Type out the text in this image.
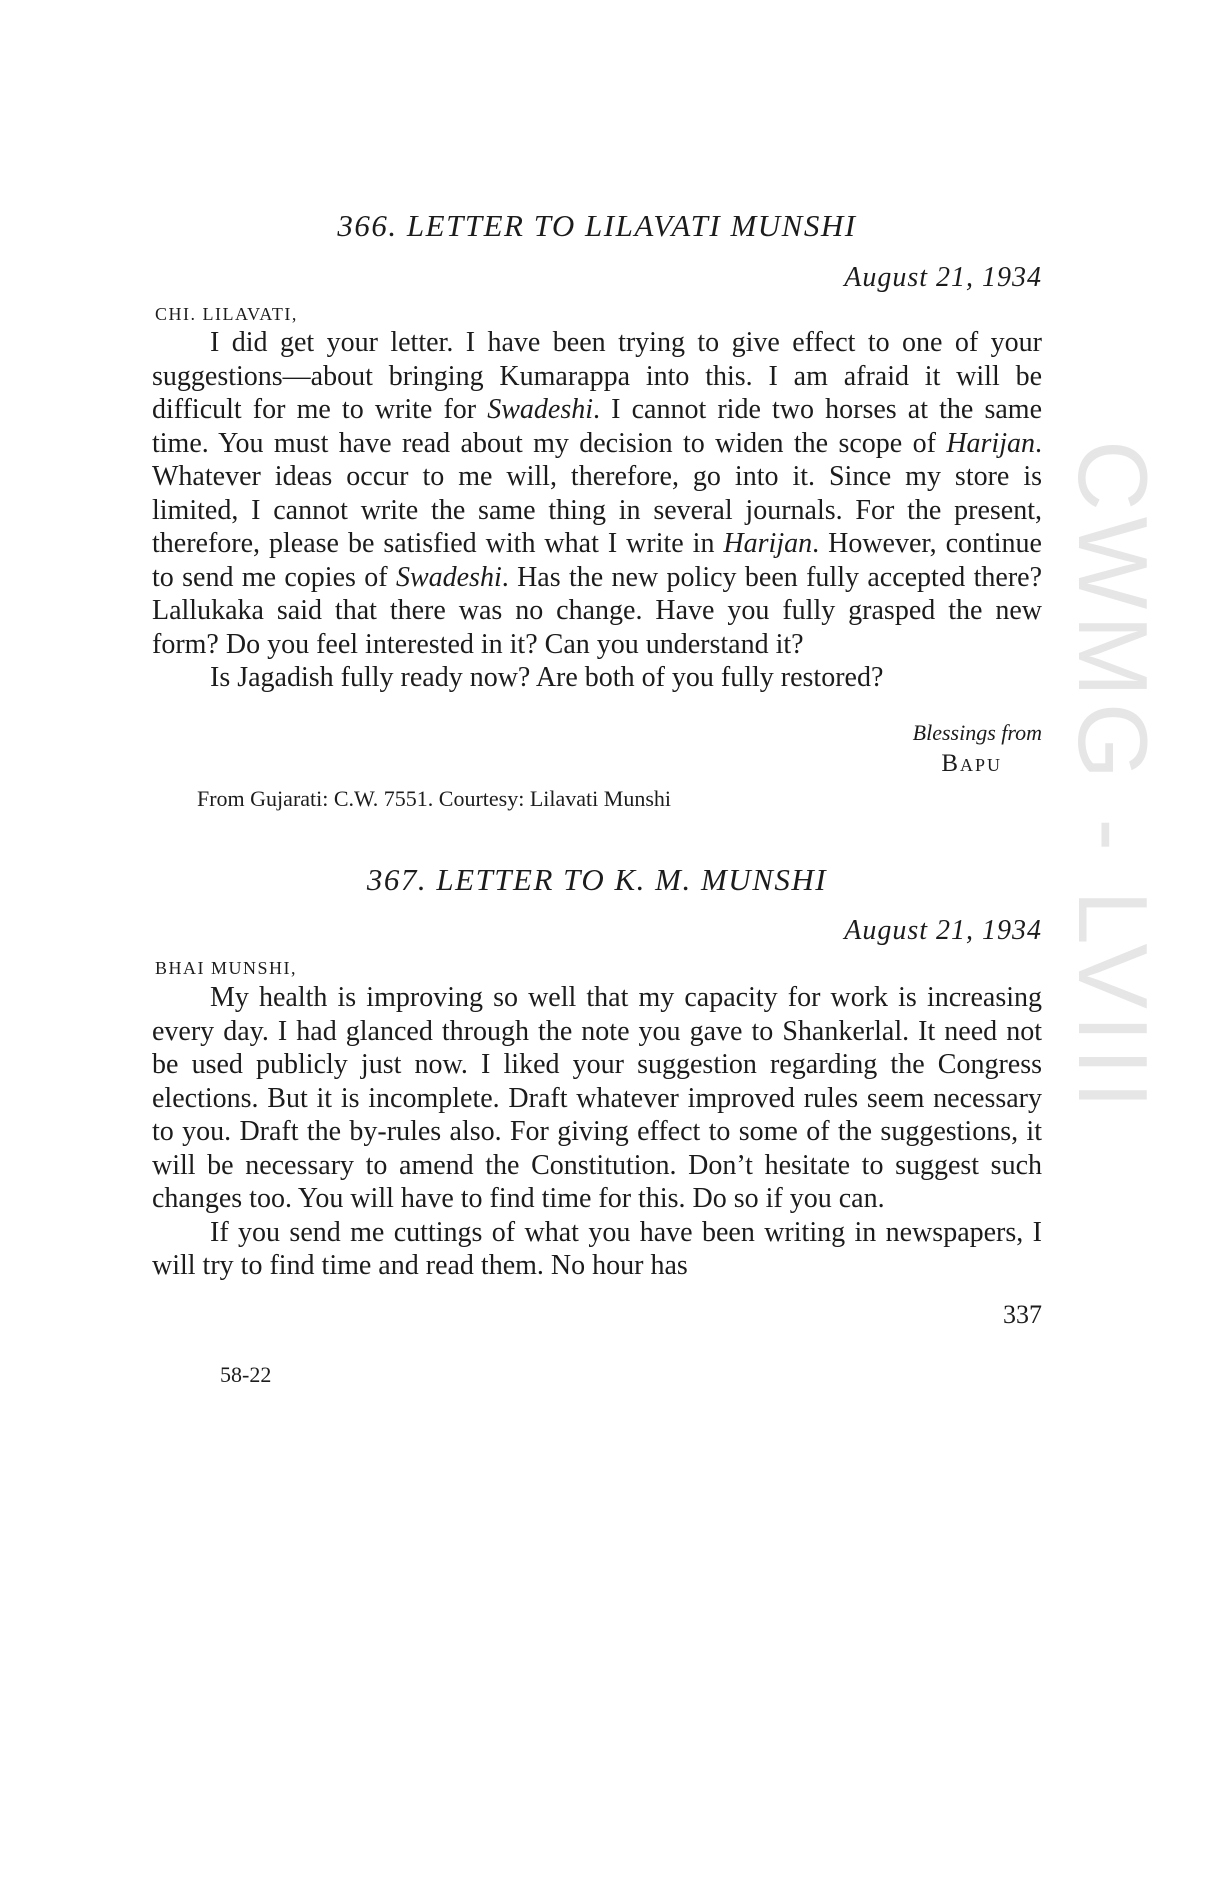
CWMG - LVIII
366. LETTER TO LILAVATI MUNSHI
August 21, 1934
CHI. LILAVATI,

I did get your letter. I have been trying to give effect to one of your suggestions—about bringing Kumarappa into this. I am afraid it will be difficult for me to write for Swadeshi. I cannot ride two horses at the same time. You must have read about my decision to widen the scope of Harijan. Whatever ideas occur to me will, therefore, go into it. Since my store is limited, I cannot write the same thing in several journals. For the present, therefore, please be satisfied with what I write in Harijan. However, continue to send me copies of Swadeshi. Has the new policy been fully accepted there? Lallukaka said that there was no change. Have you fully grasped the new form? Do you feel interested in it? Can you understand it?

Is Jagadish fully ready now? Are both of you fully restored?

Blessings from
Bapu
From Gujarati: C.W. 7551. Courtesy: Lilavati Munshi
367. LETTER TO K. M. MUNSHI
August 21, 1934
BHAI MUNSHI,

My health is improving so well that my capacity for work is increasing every day. I had glanced through the note you gave to Shankerlal. It need not be used publicly just now. I liked your suggestion regarding the Congress elections. But it is incomplete. Draft whatever improved rules seem necessary to you. Draft the by-rules also. For giving effect to some of the suggestions, it will be necessary to amend the Constitution. Don’t hesitate to suggest such changes too. You will have to find time for this. Do so if you can.

If you send me cuttings of what you have been writing in newspapers, I will try to find time and read them. No hour has

337
58-22
